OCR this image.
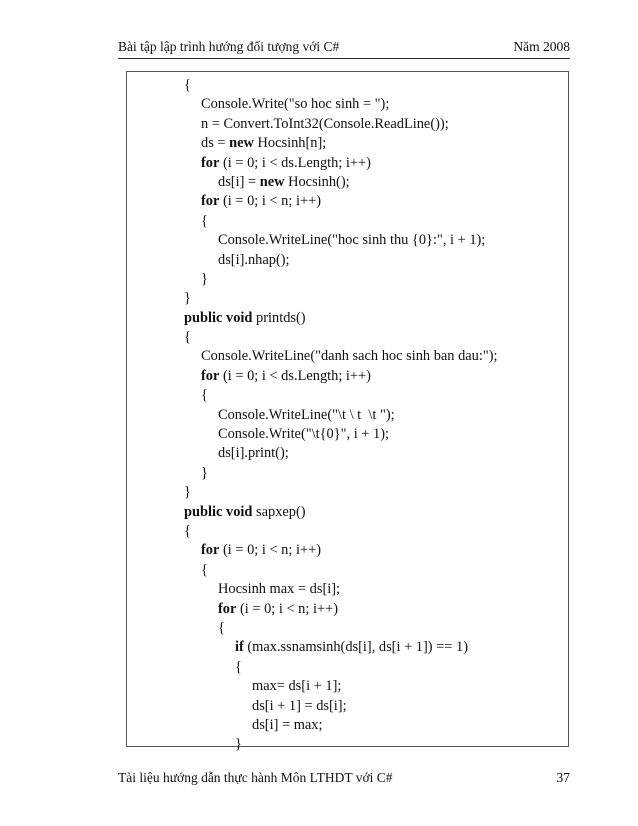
Bài tập lập trình hướng đối tượng với C#	Năm 2008
{
Console.Write("so hoc sinh = ");
n = Convert.ToInt32(Console.ReadLine());
ds = new Hocsinh[n];
for (i = 0; i < ds.Length; i++)
ds[i] = new Hocsinh();
for (i = 0; i < n; i++)
{
Console.WriteLine("hoc sinh thu {0}:", i + 1);
ds[i].nhap();
}
}
public void printds()
{
Console.WriteLine("danh sach hoc sinh ban dau:");
for (i = 0; i < ds.Length; i++)
{
Console.WriteLine("\t \ t  \t ");
Console.Write("\t{0}", i + 1);
ds[i].print();
}
}
public void sapxep()
{
for (i = 0; i < n; i++)
{
Hocsinh max = ds[i];
for (i = 0; i < n; i++)
{
if (max.ssnamsinh(ds[i], ds[i + 1]) == 1)
{
max= ds[i + 1];
ds[i + 1] = ds[i];
ds[i] = max;
}
Tài liệu hướng dẫn thực hành Môn LTHDT với C#	37
